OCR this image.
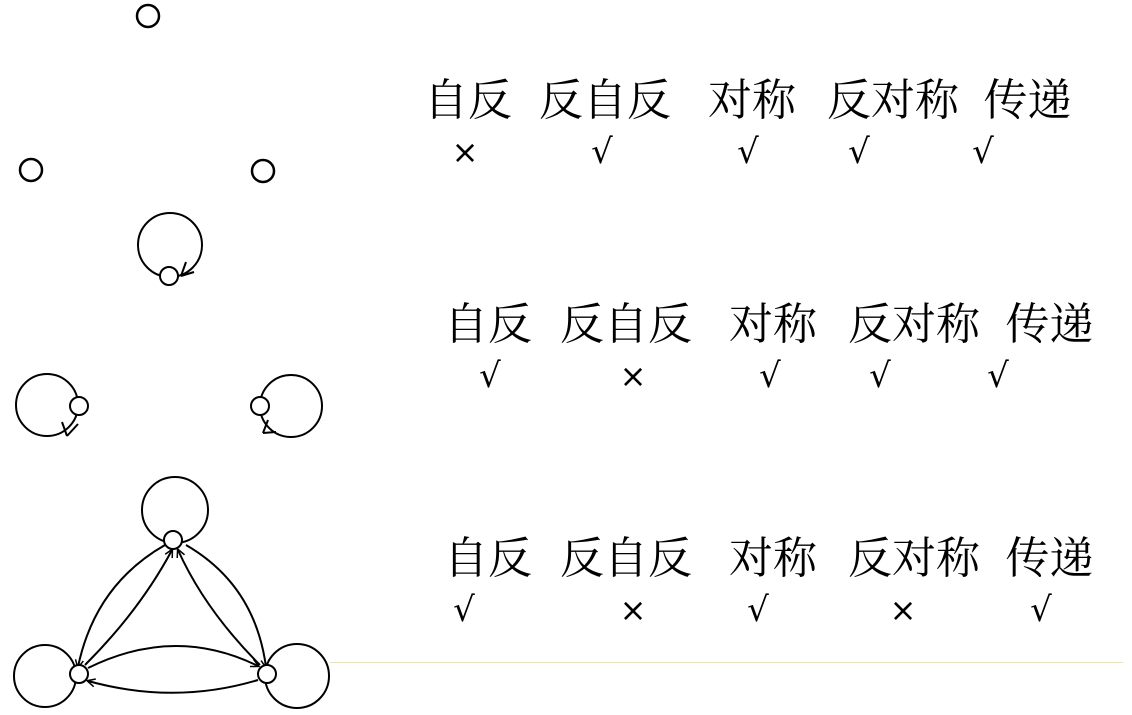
自反 反自反 对称 反对称 传递
×	√	√	√	√
自反 反自反 对称 反对称 传递
√	×	√	√	√
自反 反自反 对称 反对称 传递
√	×	√	×	√
